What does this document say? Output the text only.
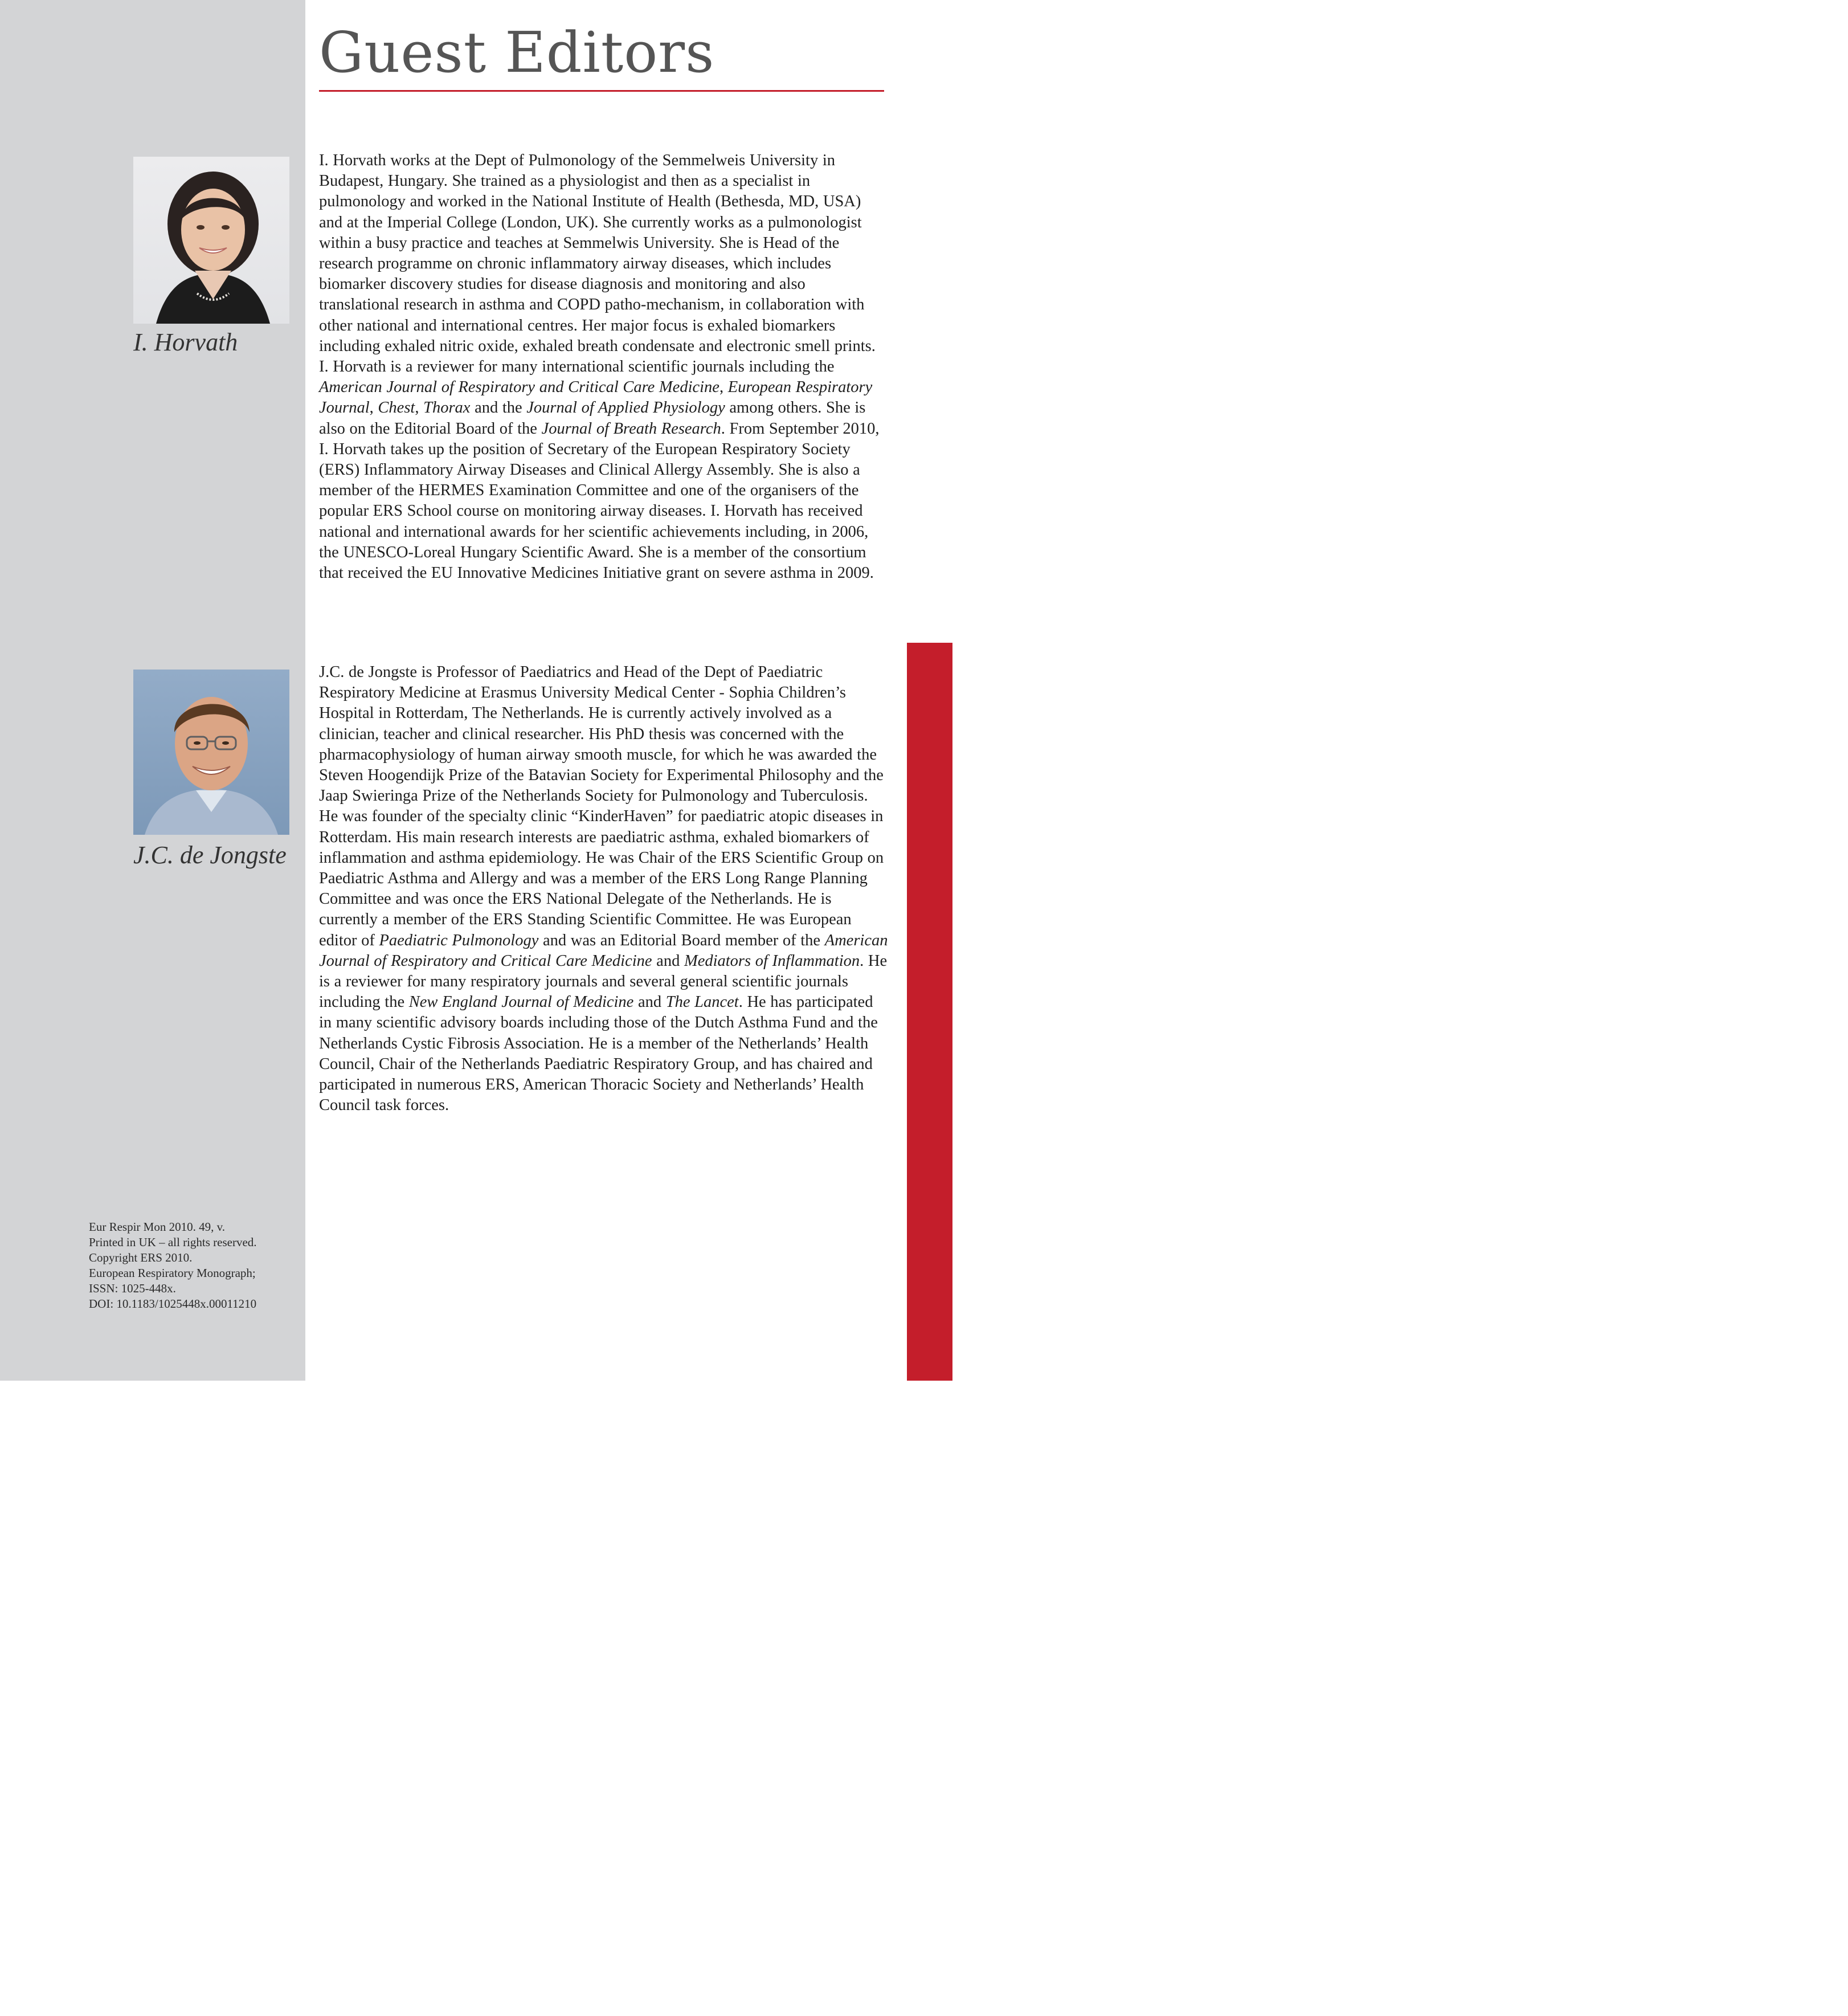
>
Guest Editors
I. Horvath

I. Horvath works at the Dept of Pulmonology of the Semmelweis University in Budapest, Hungary. She trained as a physiologist and then as a specialist in pulmonology and worked in the National Institute of Health (Bethesda, MD, USA) and at the Imperial College (London, UK). She currently works as a pulmonologist within a busy practice and teaches at Semmelwis University. She is Head of the research programme on chronic inflammatory airway diseases, which includes biomarker discovery studies for disease diagnosis and monitoring and also translational research in asthma and COPD patho-mechanism, in collaboration with other national and international centres. Her major focus is exhaled biomarkers including exhaled nitric oxide, exhaled breath condensate and electronic smell prints. I. Horvath is a reviewer for many international scientific journals including the American Journal of Respiratory and Critical Care Medicine, European Respiratory Journal, Chest, Thorax and the Journal of Applied Physiology among others. She is also on the Editorial Board of the Journal of Breath Research. From September 2010, I. Horvath takes up the position of Secretary of the European Respiratory Society (ERS) Inflammatory Airway Diseases and Clinical Allergy Assembly. She is also a member of the HERMES Examination Committee and one of the organisers of the popular ERS School course on monitoring airway diseases. I. Horvath has received national and international awards for her scientific achievements including, in 2006, the UNESCO-Loreal Hungary Scientific Award. She is a member of the consortium that received the EU Innovative Medicines Initiative grant on severe asthma in 2009.

J.C. de Jongste

J.C. de Jongste is Professor of Paediatrics and Head of the Dept of Paediatric Respiratory Medicine at Erasmus University Medical Center - Sophia Children’s Hospital in Rotterdam, The Netherlands. He is currently actively involved as a clinician, teacher and clinical researcher. His PhD thesis was concerned with the pharmacophysiology of human airway smooth muscle, for which he was awarded the Steven Hoogendijk Prize of the Batavian Society for Experimental Philosophy and the Jaap Swieringa Prize of the Netherlands Society for Pulmonology and Tuberculosis. He was founder of the specialty clinic “KinderHaven” for paediatric atopic diseases in Rotterdam. His main research interests are paediatric asthma, exhaled biomarkers of inflammation and asthma epidemiology. He was Chair of the ERS Scientific Group on Paediatric Asthma and Allergy and was a member of the ERS Long Range Planning Committee and was once the ERS National Delegate of the Netherlands. He is currently a member of the ERS Standing Scientific Committee. He was European editor of Paediatric Pulmonology and was an Editorial Board member of the American Journal of Respiratory and Critical Care Medicine and Mediators of Inflammation. He is a reviewer for many respiratory journals and several general scientific journals including the New England Journal of Medicine and The Lancet. He has participated in many scientific advisory boards including those of the Dutch Asthma Fund and the Netherlands Cystic Fibrosis Association. He is a member of the Netherlands’ Health Council, Chair of the Netherlands Paediatric Respiratory Group, and has chaired and participated in numerous ERS, American Thoracic Society and Netherlands’ Health Council task forces.

Eur Respir Mon 2010. 49, v.
Printed in UK – all rights reserved.
Copyright ERS 2010.
European Respiratory Monograph;
ISSN: 1025-448x.
DOI: 10.1183/1025448x.00011210
